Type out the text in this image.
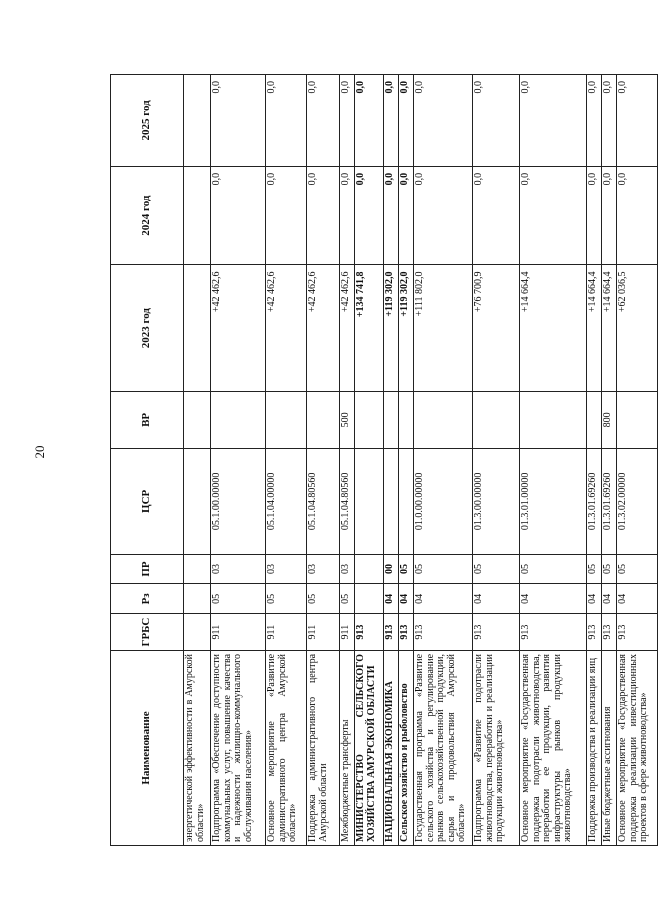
20
Наименование	ГРБС	Рз	ПР	ЦСР	ВР	2023 год	2024 год	2025 год
энергетической эффективности в Амурской области»								
Подпрограмма «Обеспечение доступности коммунальных услуг, повышение качества и надежности жилищно-коммунального обслуживания населения»	911	05	03	05.1.00.00000		+42 462,6	0,0	0,0
Основное мероприятие «Развитие административного центра Амурской области»	911	05	03	05.1.04.00000		+42 462,6	0,0	0,0
Поддержка административного центра Амурской области	911	05	03	05.1.04.80560		+42 462,6	0,0	0,0
Межбюджетные трансферты	911	05	03	05.1.04.80560	500	+42 462,6	0,0	0,0
МИНИСТЕРСТВО СЕЛЬСКОГО ХОЗЯЙСТВА АМУРСКОЙ ОБЛАСТИ	913					+134 741,8	0,0	0,0
НАЦИОНАЛЬНАЯ ЭКОНОМИКА	913	04	00			+119 302,0	0,0	0,0
Сельское хозяйство и рыболовство	913	04	05			+119 302,0	0,0	0,0
Государственная программа «Развитие сельского хозяйства и регулирование рынков сельскохозяйственной продукции, сырья и продовольствия Амурской области»	913	04	05	01.0.00.00000		+111 802,0	0,0	0,0
Подпрограмма «Развитие подотрасли животноводства, переработки и реализации продукции животноводства»	913	04	05	01.3.00.00000		+76 700,9	0,0	0,0
Основное мероприятие «Государственная поддержка подотрасли животноводства, переработки ее продукции, развития инфраструктуры рынков продукции животноводства»	913	04	05	01.3.01.00000		+14 664,4	0,0	0,0
Поддержка производства и реализации яиц	913	04	05	01.3.01.69260		+14 664,4	0,0	0,0
Иные бюджетные ассигнования	913	04	05	01.3.01.69260	800	+14 664,4	0,0	0,0
Основное мероприятие «Государственная поддержка реализации инвестиционных проектов в сфере животноводства»	913	04	05	01.3.02.00000		+62 036,5	0,0	0,0
